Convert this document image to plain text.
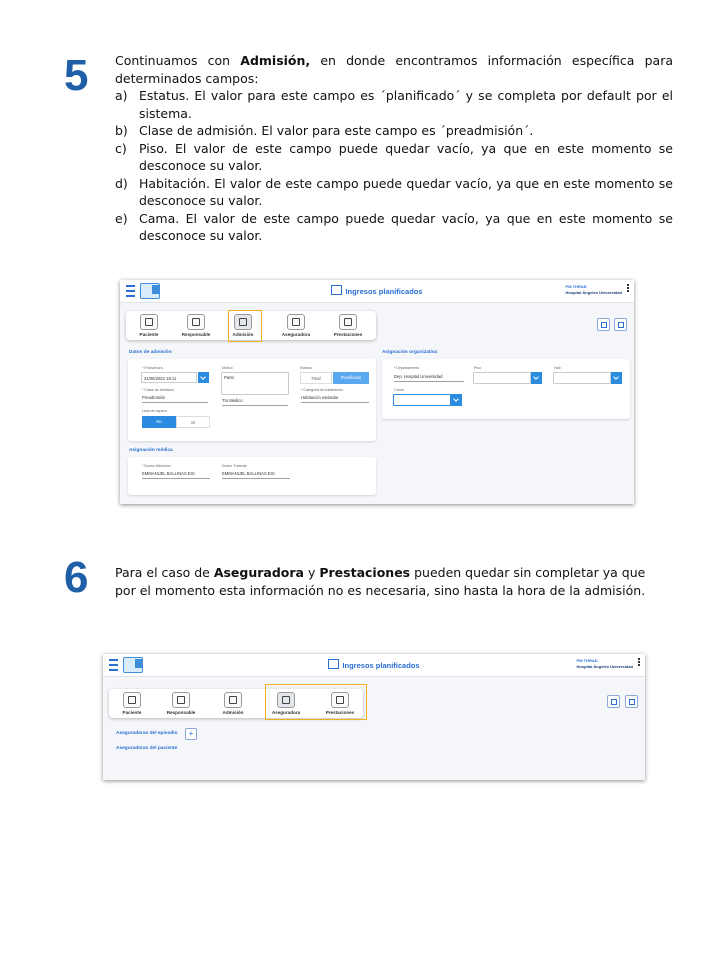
5 Continuamos con Admisión, en donde encontramos información específica para determinados campos:
a) Estatus. El valor para este campo es ´planificado´ y se completa por default por el sistema.
b) Clase de admisión. El valor para este campo es ´preadmisión´.
c) Piso. El valor de este campo puede quedar vacío, ya que en este momento se desconoce su valor.
d) Habitación. El valor de este campo puede quedar vacío, ya que en este momento se desconoce su valor.
e) Cama. El valor de este campo puede quedar vacío, ya que en este momento se desconoce su valor.
Ingresos planificados
PM THRAD
Hospital Ángeles Universidad
Paciente	Responsable	Admisión	Aseguradora	Prestaciones
Datos de admisión
* Fecha/hora
21/06/2022 19:11
Motivo
Parto
Estatus
Final	Planificado
* Clase de admisión
Preadmisión
Tto Médico
* Categoría de tratamiento
Habitación estándar
Lista de espera
No	Sí
Asignación organizativa
* Departamento
Dep. Hospital Universidad
Piso	Hab
Cama
Asignación médica
* Doctor Admisión
EMMANUEL BALLINAS ESI
Doctor Tratante
EMMANUEL BALLINAS ESI
6 Para el caso de Aseguradora y Prestaciones pueden quedar sin completar ya que por el momento esta información no es necesaria, sino hasta la hora de la admisión.
Ingresos planificados
PM THRAD
Hospital Ángeles Universidad
Paciente	Responsable	Admisión	Aseguradora	Prestaciones
Aseguradoras del episodio	+
Aseguradoras del paciente
